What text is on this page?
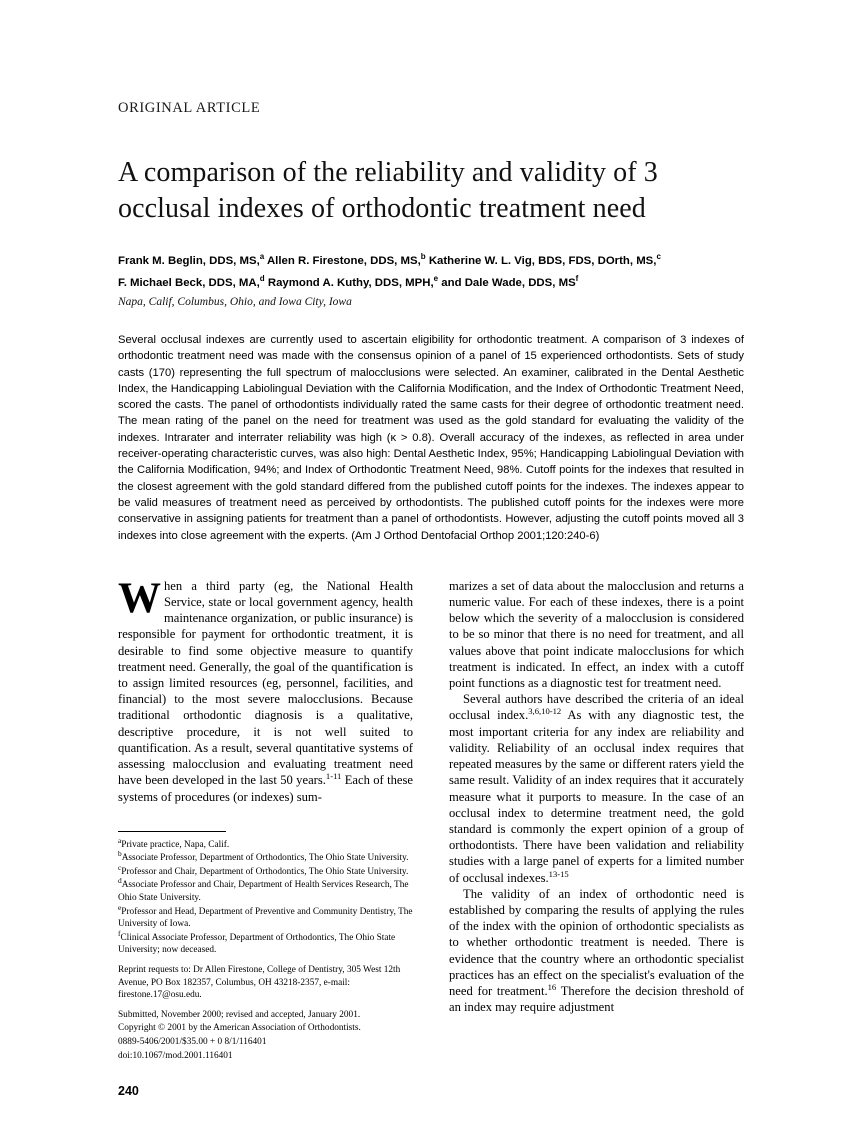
ORIGINAL ARTICLE
A comparison of the reliability and validity of 3 occlusal indexes of orthodontic treatment need
Frank M. Beglin, DDS, MS,$^a$ Allen R. Firestone, DDS, MS,$^b$ Katherine W. L. Vig, BDS, FDS, DOrth, MS,$^c$
F. Michael Beck, DDS, MA,$^d$ Raymond A. Kuthy, DDS, MPH,$^e$ and Dale Wade, DDS, $MS^f$
Napa, Calif, Columbus, Ohio, and Iowa City, Iowa
Several occlusal indexes are currently used to ascertain eligibility for orthodontic treatment. A comparison of 3 indexes of orthodontic treatment need was made with the consensus opinion of a panel of 15 experienced orthodontists. Sets of study casts (170) representing the full spectrum of malocclusions were selected. An examiner, calibrated in the Dental Aesthetic Index, the Handicapping Labiolingual Deviation with the California Modification, and the Index of Orthodontic Treatment Need, scored the casts. The panel of orthodontists individually rated the same casts for their degree of orthodontic treatment need. The mean rating of the panel on the need for treatment was used as the gold standard for evaluating the validity of the indexes. Intrarater and interrater reliability was high (κ > 0.8). Overall accuracy of the indexes, as reflected in area under receiver-operating characteristic curves, was also high: Dental Aesthetic Index, 95%; Handicapping Labiolingual Deviation with the California Modification, 94%; and Index of Orthodontic Treatment Need, 98%. Cutoff points for the indexes that resulted in the closest agreement with the gold standard differed from the published cutoff points for the indexes. The indexes appear to be valid measures of treatment need as perceived by orthodontists. The published cutoff points for the indexes were more conservative in assigning patients for treatment than a panel of orthodontists. However, adjusting the cutoff points moved all 3 indexes into close agreement with the experts. (Am J Orthod Dentofacial Orthop 2001;120:240-6)

When a third party (eg, the National Health Service, state or local government agency, health maintenance organization, or public insurance) is responsible for payment for orthodontic treatment, it is desirable to find some objective measure to quantify treatment need. Generally, the goal of the quantification is to assign limited resources (eg, personnel, facilities, and financial) to the most severe malocclusions. Because traditional orthodontic diagnosis is a qualitative, descriptive procedure, it is not well suited to quantification. As a result, several quantitative systems of assessing malocclusion and evaluating treatment need have been developed in the last 50 years.$^{1-11}$ Each of these systems of procedures (or indexes) sum-

$^a$Private practice, Napa, Calif.

$^b$Associate Professor, Department of Orthodontics, The Ohio State University.

$^c$Professor and Chair, Department of Orthodontics, The Ohio State University.

$^d$Associate Professor and Chair, Department of Health Services Research, The Ohio State University.

$^e$Professor and Head, Department of Preventive and Community Dentistry, The University of Iowa.

$^f$Clinical Associate Professor, Department of Orthodontics, The Ohio State University; now deceased.

Reprint requests to: Dr Allen Firestone, College of Dentistry, 305 West 12th Avenue, PO Box 182357, Columbus, OH 43218-2357, e-mail: firestone.17@osu.edu.

Submitted, November 2000; revised and accepted, January 2001.

Copyright © 2001 by the American Association of Orthodontists.

0889-5406/2001/$35.00 + 0 8/1/116401

doi:10.1067/mod.2001.116401

240

marizes a set of data about the malocclusion and returns a numeric value. For each of these indexes, there is a point below which the severity of a malocclusion is considered to be so minor that there is no need for treatment, and all values above that point indicate malocclusions for which treatment is indicated. In effect, an index with a cutoff point functions as a diagnostic test for treatment need.

Several authors have described the criteria of an ideal occlusal index.$^{3,6,10-12}$ As with any diagnostic test, the most important criteria for any index are reliability and validity. Reliability of an occlusal index requires that repeated measures by the same or different raters yield the same result. Validity of an index requires that it accurately measure what it purports to measure. In the case of an occlusal index to determine treatment need, the gold standard is commonly the expert opinion of a group of orthodontists. There have been validation and reliability studies with a large panel of experts for a limited number of occlusal indexes.$^{13-15}$

The validity of an index of orthodontic need is established by comparing the results of applying the rules of the index with the opinion of orthodontic specialists as to whether orthodontic treatment is needed. There is evidence that the country where an orthodontic specialist practices has an effect on the specialist's evaluation of the need for treatment.$^{16}$ Therefore the decision threshold of an index may require adjustment
